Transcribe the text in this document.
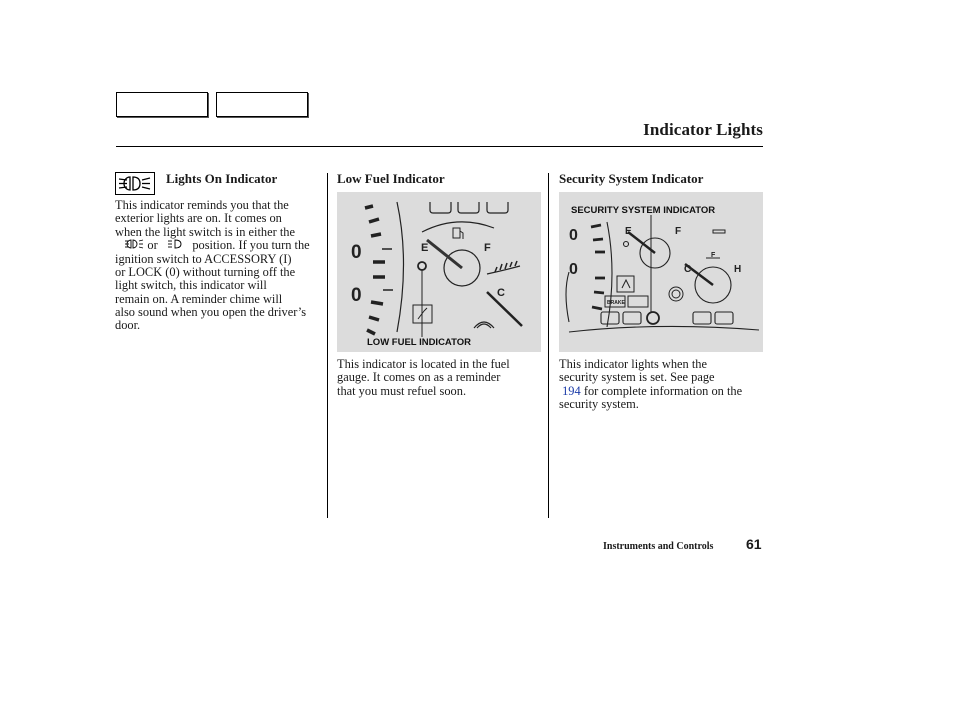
Indicator Lights
Lights On Indicator
This indicator reminds you that the
exterior lights are on. It comes on
when the light switch is in either the
or	position. If you turn the
ignition switch to ACCESSORY (I)
or LOCK (0) without turning off the
light switch, this indicator will
remain on. A reminder chime will
also sound when you open the driver’s
door.
Low Fuel Indicator
0
0
E	F
C
LOW FUEL INDICATOR
This indicator is located in the fuel
gauge. It comes on as a reminder
that you must refuel soon.
Security System Indicator
0
0
E	F
C	H
F
BRAKE
SECURITY SYSTEM INDICATOR
This indicator lights when the
security system is set. See page
194 for complete information on the
security system.
Instruments and Controls 61
